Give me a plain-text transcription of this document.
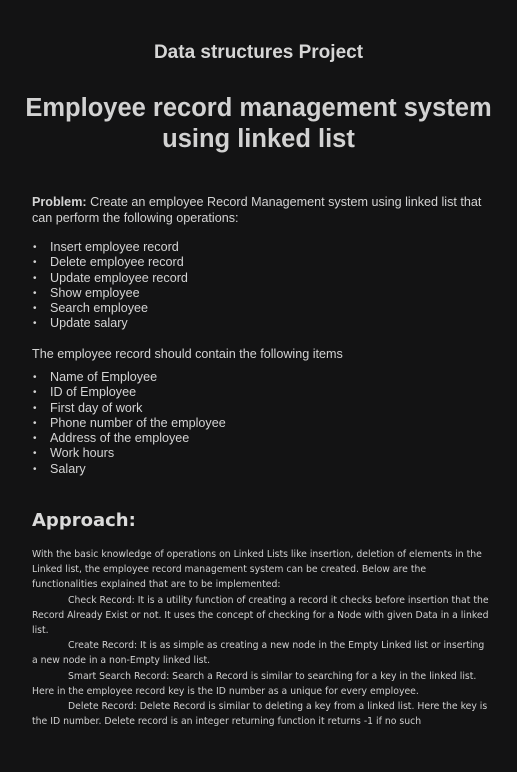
Data structures Project
Employee record management system using linked list

Problem: Create an employee Record Management system using linked list that can perform the following operations:

• Insert employee record
• Delete employee record
• Update employee record
• Show employee
• Search employee
• Update salary

The employee record should contain the following items

• Name of Employee
• ID of Employee
• First day of work
• Phone number of the employee
• Address of the employee
• Work hours
• Salary
Approach:

With the basic knowledge of operations on Linked Lists like insertion, deletion of elements in the Linked list, the employee record management system can be created. Below are the functionalities explained that are to be implemented:

Check Record: It is a utility function of creating a record it checks before insertion that the Record Already Exist or not. It uses the concept of checking for a Node with given Data in a linked list.

Create Record: It is as simple as creating a new node in the Empty Linked list or inserting a new node in a non-Empty linked list.

Smart Search Record: Search a Record is similar to searching for a key in the linked list. Here in the employee record key is the ID number as a unique for every employee.

Delete Record: Delete Record is similar to deleting a key from a linked list. Here the key is the ID number. Delete record is an integer returning function it returns -1 if no such
